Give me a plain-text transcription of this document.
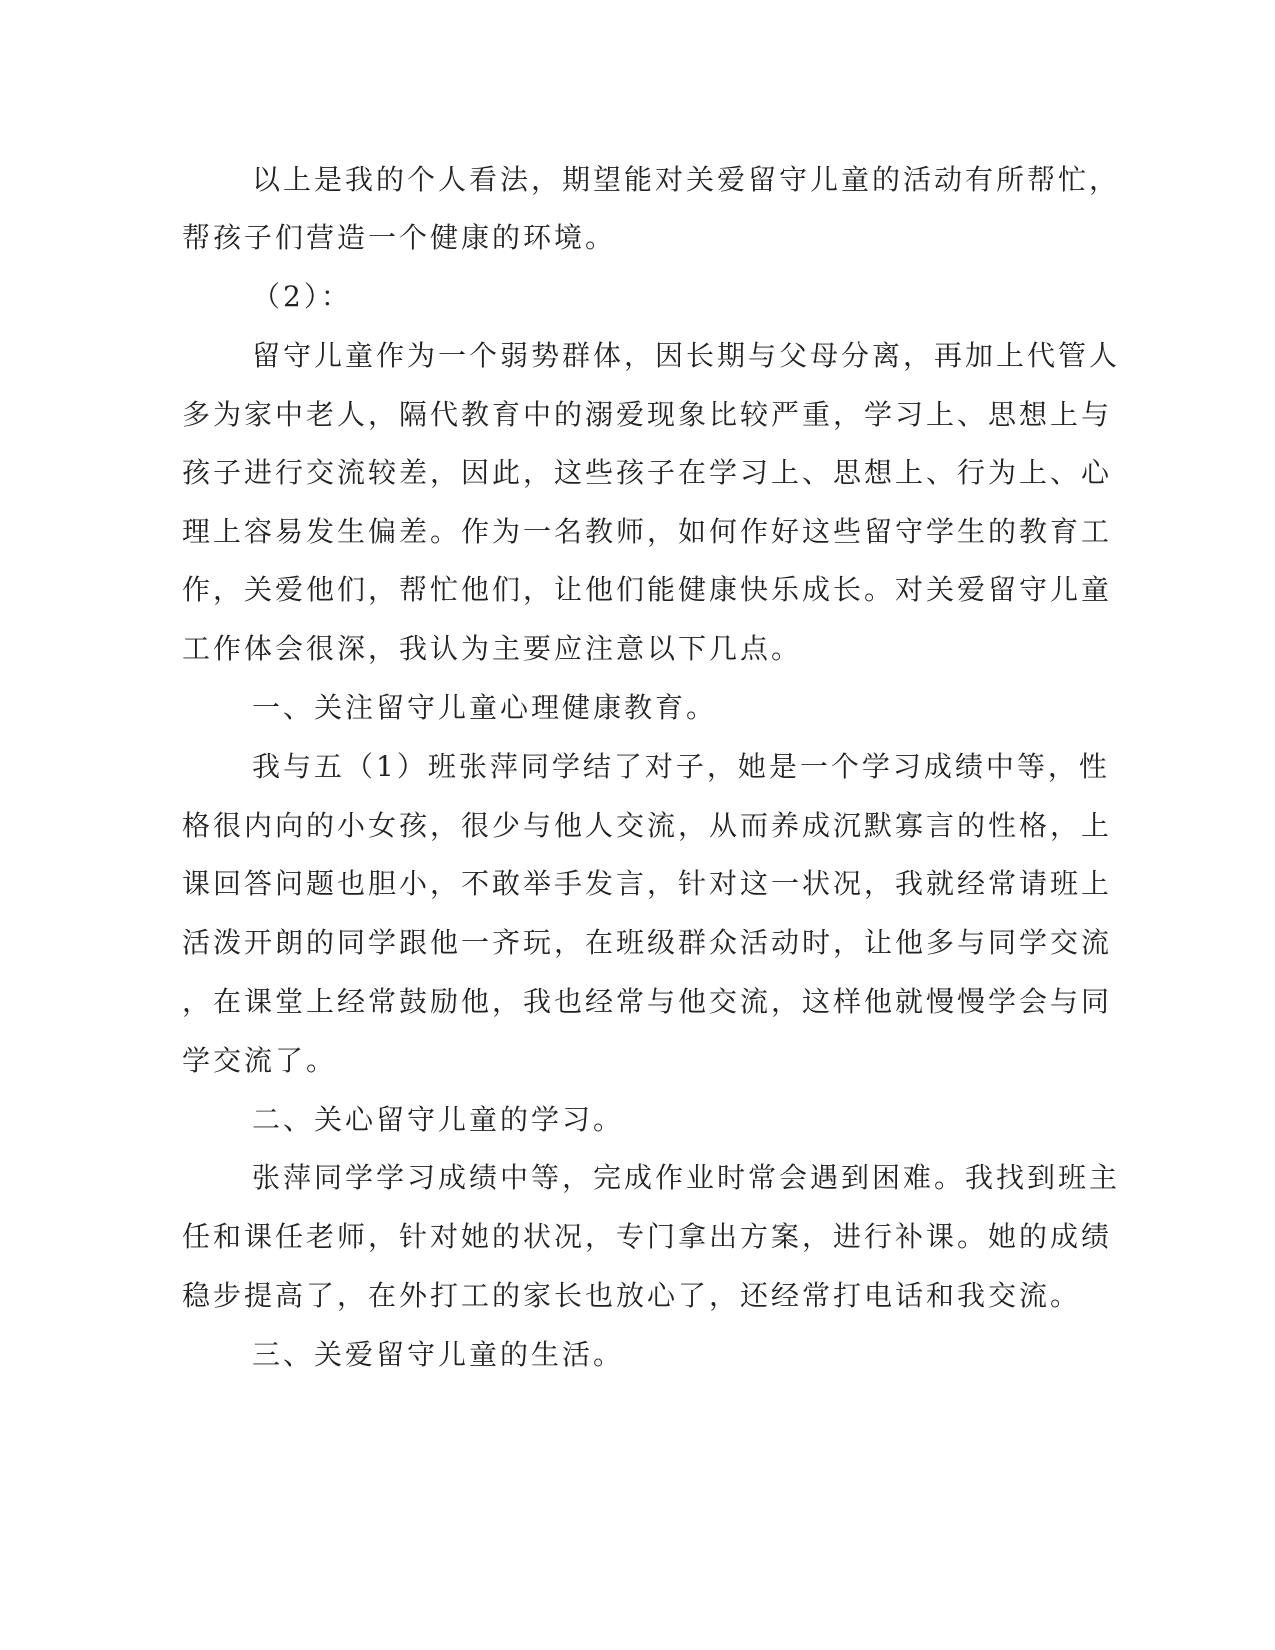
以上是我的个人看法，期望能对关爱留守儿童的活动有所帮忙，
帮孩子们营造一个健康的环境。
（2）：
留守儿童作为一个弱势群体，因长期与父母分离，再加上代管人
多为家中老人，隔代教育中的溺爱现象比较严重，学习上、思想上与
孩子进行交流较差，因此，这些孩子在学习上、思想上、行为上、心
理上容易发生偏差。作为一名教师，如何作好这些留守学生的教育工
作，关爱他们，帮忙他们，让他们能健康快乐成长。对关爱留守儿童
工作体会很深，我认为主要应注意以下几点。
一、关注留守儿童心理健康教育。
我与五（1）班张萍同学结了对子，她是一个学习成绩中等，性
格很内向的小女孩，很少与他人交流，从而养成沉默寡言的性格，上
课回答问题也胆小，不敢举手发言，针对这一状况，我就经常请班上
活泼开朗的同学跟他一齐玩，在班级群众活动时，让他多与同学交流
，在课堂上经常鼓励他，我也经常与他交流，这样他就慢慢学会与同
学交流了。
二、关心留守儿童的学习。
张萍同学学习成绩中等，完成作业时常会遇到困难。我找到班主
任和课任老师，针对她的状况，专门拿出方案，进行补课。她的成绩
稳步提高了，在外打工的家长也放心了，还经常打电话和我交流。
三、关爱留守儿童的生活。
